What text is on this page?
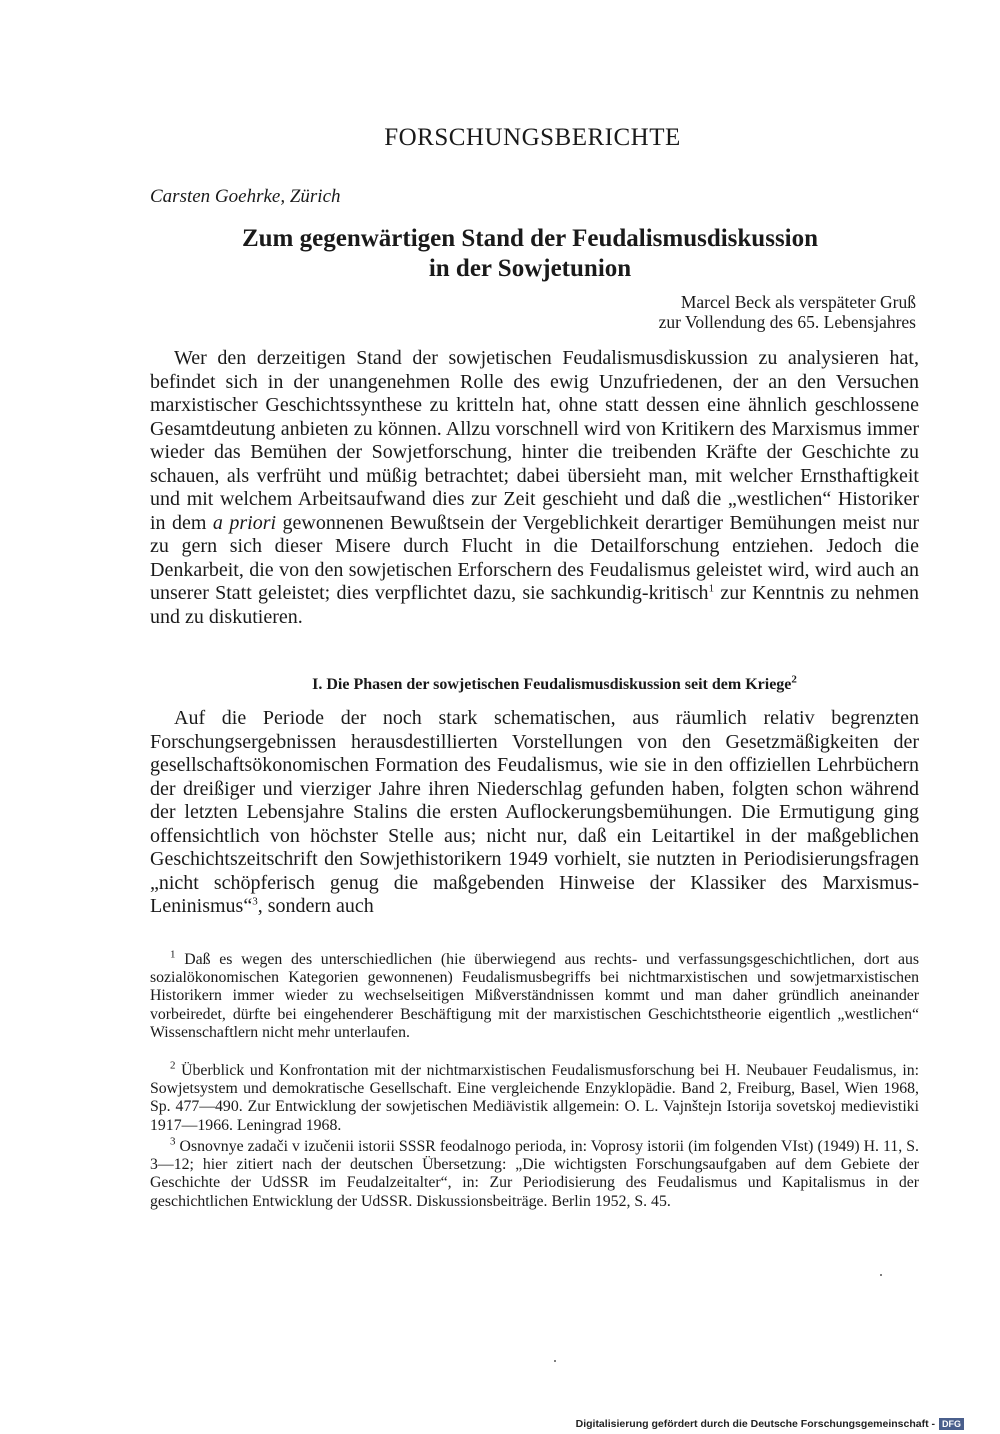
FORSCHUNGSBERICHTE

Carsten Goehrke, Zürich

Zum gegenwärtigen Stand der Feudalismusdiskussion
in der Sowjetunion
Marcel Beck als verspäteter Gruß
zur Vollendung des 65. Lebensjahres

Wer den derzeitigen Stand der sowjetischen Feudalismusdiskussion zu analysieren hat, befindet sich in der unangenehmen Rolle des ewig Unzufriedenen, der an den Versuchen marxistischer Geschichtssynthese zu kritteln hat, ohne statt dessen eine ähnlich geschlossene Gesamtdeutung anbieten zu können. Allzu vorschnell wird von Kritikern des Marxismus immer wieder das Bemühen der Sowjetforschung, hinter die treibenden Kräfte der Geschichte zu schauen, als verfrüht und müßig betrachtet; dabei übersieht man, mit welcher Ernsthaftigkeit und mit welchem Arbeitsaufwand dies zur Zeit geschieht und daß die „westlichen“ Historiker in dem a priori gewonnenen Bewußtsein der Vergeblichkeit derartiger Bemühungen meist nur zu gern sich dieser Misere durch Flucht in die Detailforschung entziehen. Jedoch die Denkarbeit, die von den sowjetischen Erforschern des Feudalismus geleistet wird, wird auch an unserer Statt geleistet; dies verpflichtet dazu, sie sachkundig-kritisch$^1$ zur Kenntnis zu nehmen und zu diskutieren.

I. Die Phasen der sowjetischen Feudalismusdiskussion seit dem Kriege$^2$

Auf die Periode der noch stark schematischen, aus räumlich relativ begrenzten Forschungsergebnissen herausdestillierten Vorstellungen von den Gesetzmäßigkeiten der gesellschaftsökonomischen Formation des Feudalismus, wie sie in den offiziellen Lehrbüchern der dreißiger und vierziger Jahre ihren Niederschlag gefunden haben, folgten schon während der letzten Lebensjahre Stalins die ersten Auflockerungsbemühungen. Die Ermutigung ging offensichtlich von höchster Stelle aus; nicht nur, daß ein Leitartikel in der maßgeblichen Geschichtszeitschrift den Sowjethistorikern 1949 vorhielt, sie nutzten in Periodisierungsfragen „nicht schöpferisch genug die maßgebenden Hinweise der Klassiker des Marxismus-Leninismus“$^3$, sondern auch

$^1$ Daß es wegen des unterschiedlichen (hie überwiegend aus rechts- und verfassungsgeschichtlichen, dort aus sozialökonomischen Kategorien gewonnenen) Feudalismusbegriffs bei nichtmarxistischen und sowjetmarxistischen Historikern immer wieder zu wechselseitigen Mißverständnissen kommt und man daher gründlich aneinander vorbeiredet, dürfte bei eingehenderer Beschäftigung mit der marxistischen Geschichtstheorie eigentlich „westlichen“ Wissenschaftlern nicht mehr unterlaufen.

$^2$ Überblick und Konfrontation mit der nichtmarxistischen Feudalismusforschung bei H. Neubauer Feudalismus, in: Sowjetsystem und demokratische Gesellschaft. Eine vergleichende Enzyklopädie. Band 2, Freiburg, Basel, Wien 1968, Sp. 477—490. Zur Entwicklung der sowjetischen Mediävistik allgemein: O. L. Vajnštejn Istorija sovetskoj medievistiki 1917—1966. Leningrad 1968.

$^3$ Osnovnye zadači v izučenii istorii SSSR feodalnogo perioda, in: Voprosy istorii (im folgenden VIst) (1949) H. 11, S. 3—12; hier zitiert nach der deutschen Übersetzung: „Die wichtigsten Forschungsaufgaben auf dem Gebiete der Geschichte der UdSSR im Feudalzeitalter“, in: Zur Periodisierung des Feudalismus und Kapitalismus in der geschichtlichen Entwicklung der UdSSR. Diskussionsbeiträge. Berlin 1952, S. 45.

Digitalisierung gefördert durch die Deutsche Forschungsgemeinschaft - DFG
